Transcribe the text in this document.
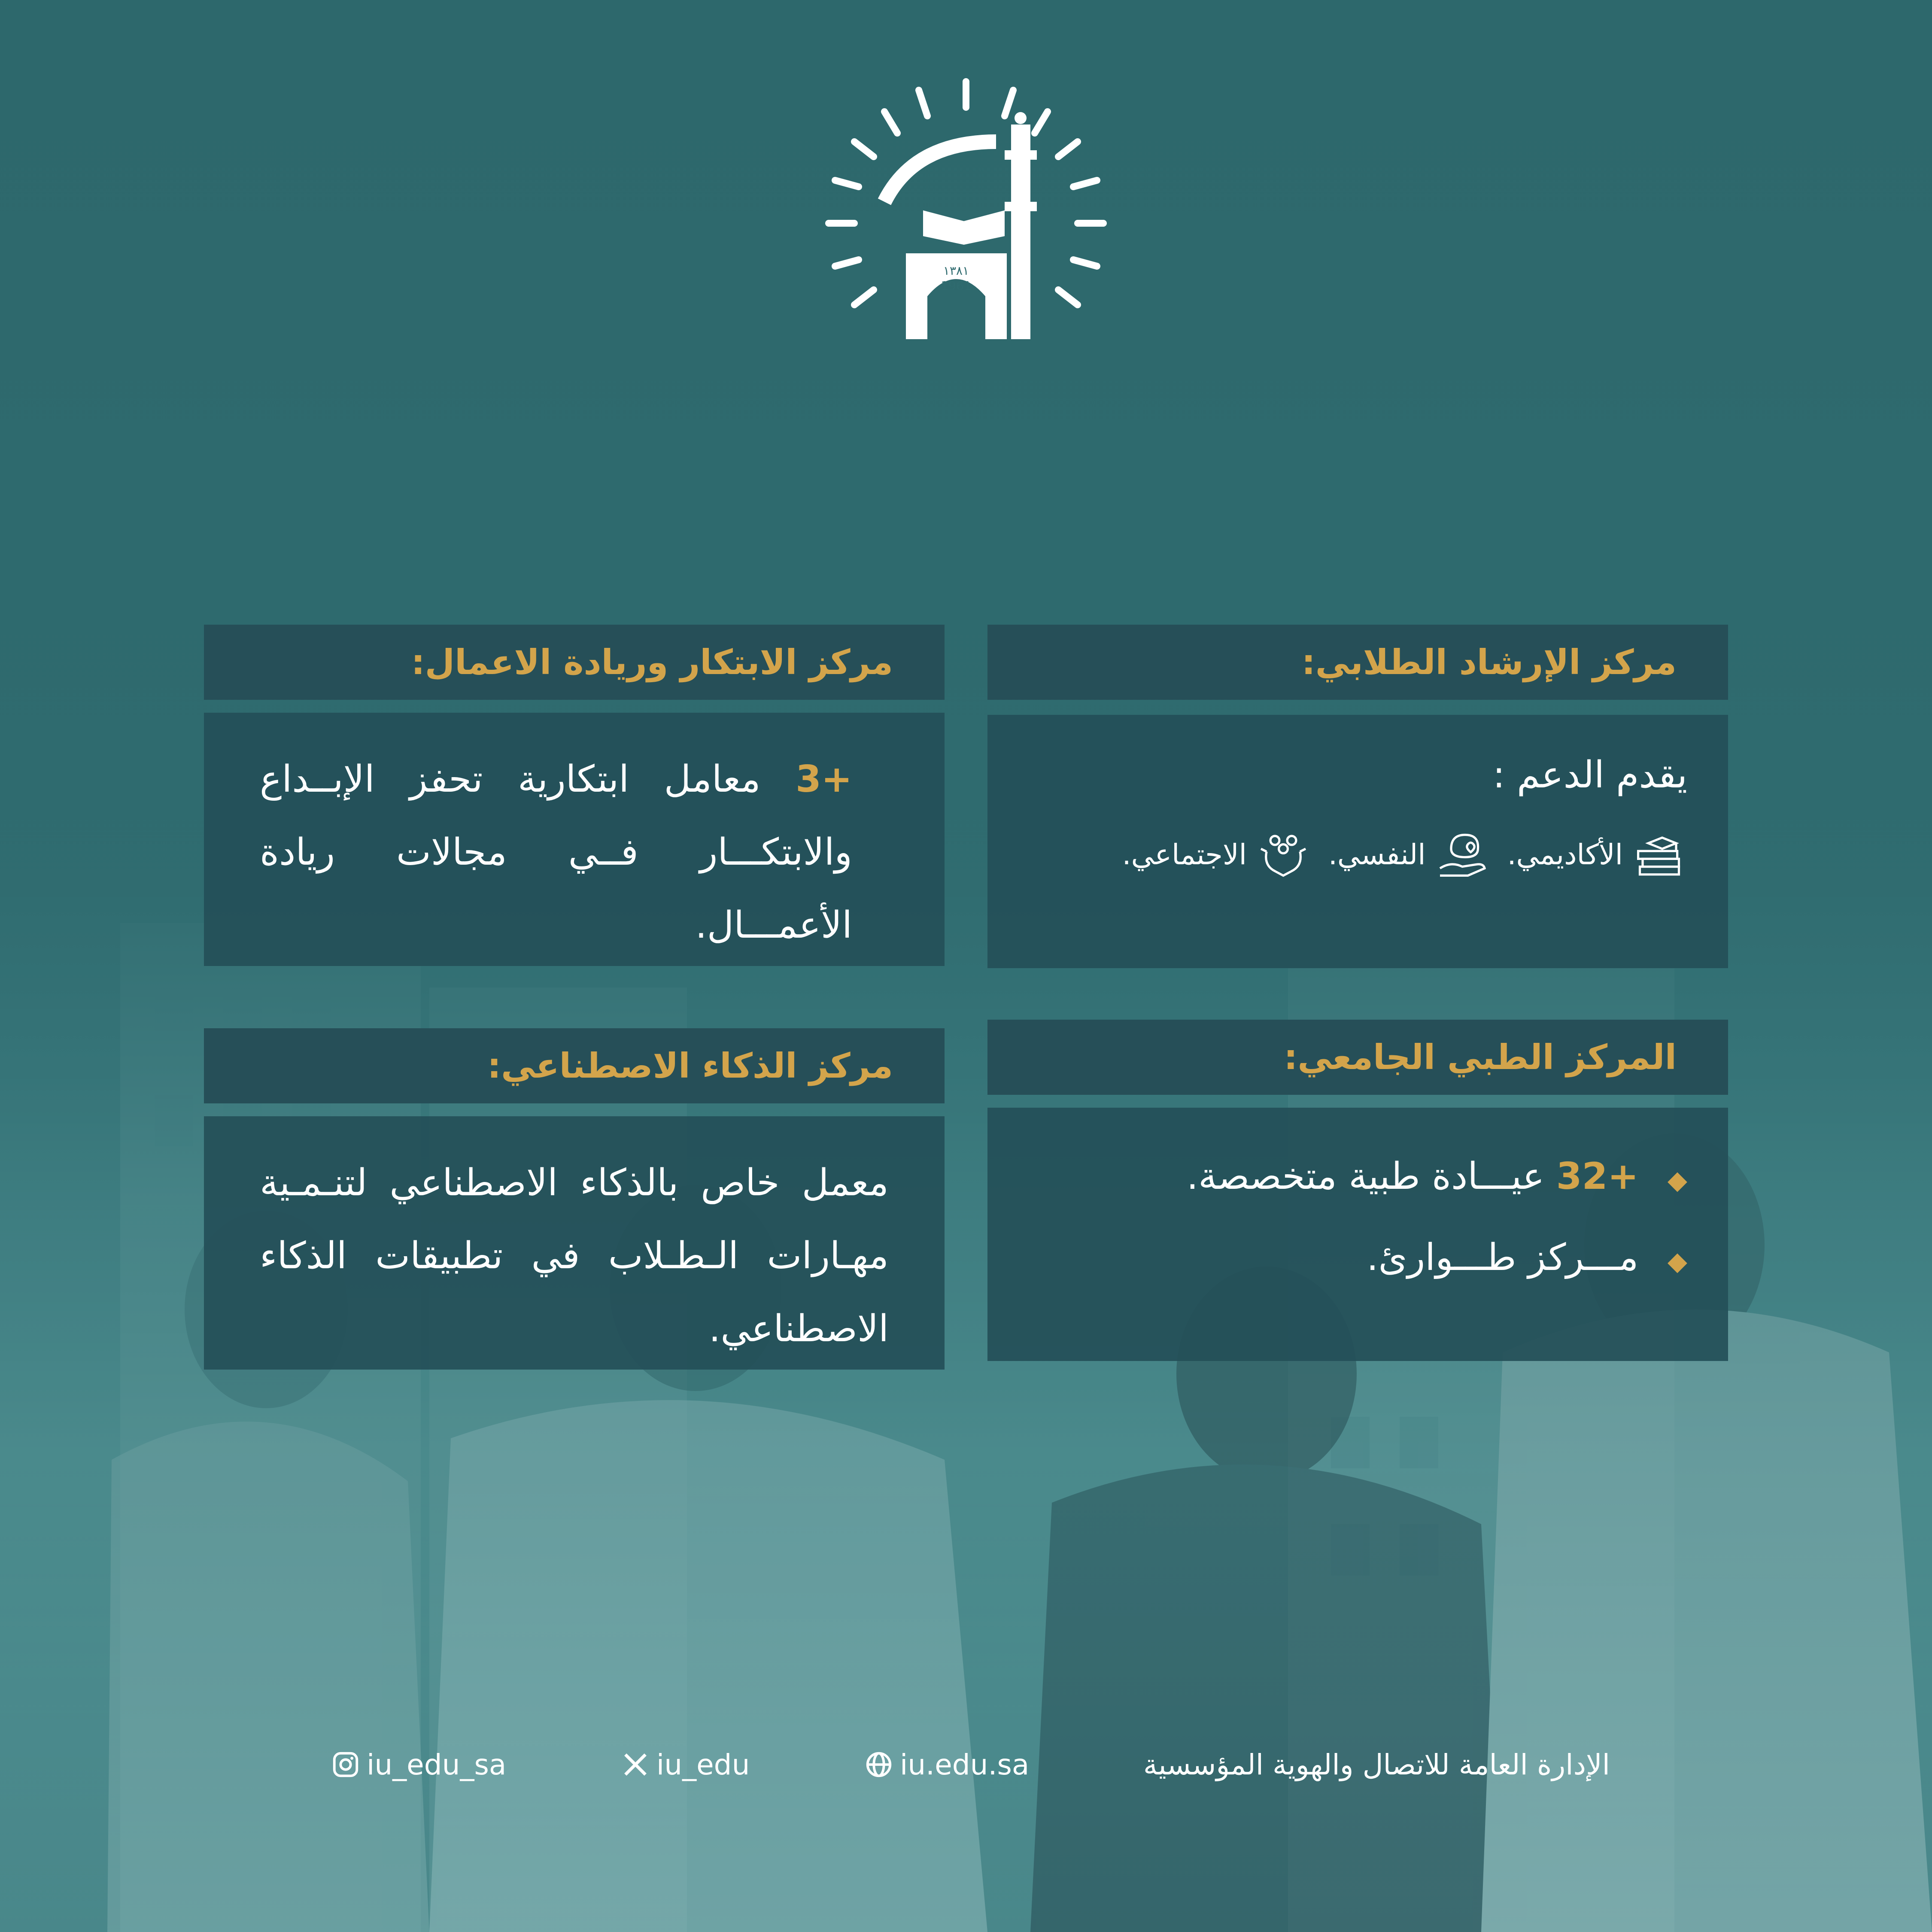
١٣٨١
1961
مركز الابتكار وريادة الاعمال:
+3 معامل ابتكارية تحفز الإبــداع والابتكـــار فــي مجالات ريادة الأعمـــال.
مركز الإرشاد الطلابي:
يقدم الدعم :
الأكاديمي.
النفسي.
الاجتماعي.
مركز الذكاء الاصطناعي:
معمل خاص بالذكاء الاصطناعي لتنـمـية مهـارات الـطـلاب في تطبيقات الذكاء الاصطناعي.
المركز الطبي الجامعي:
◆ +32 عيـــادة طبية متخصصة.
◆ مـــركز طـــوارئ.
iu_edu_sa	iu_edu	iu.edu.sa	الإدارة العامة للاتصال والهوية المؤسسية
